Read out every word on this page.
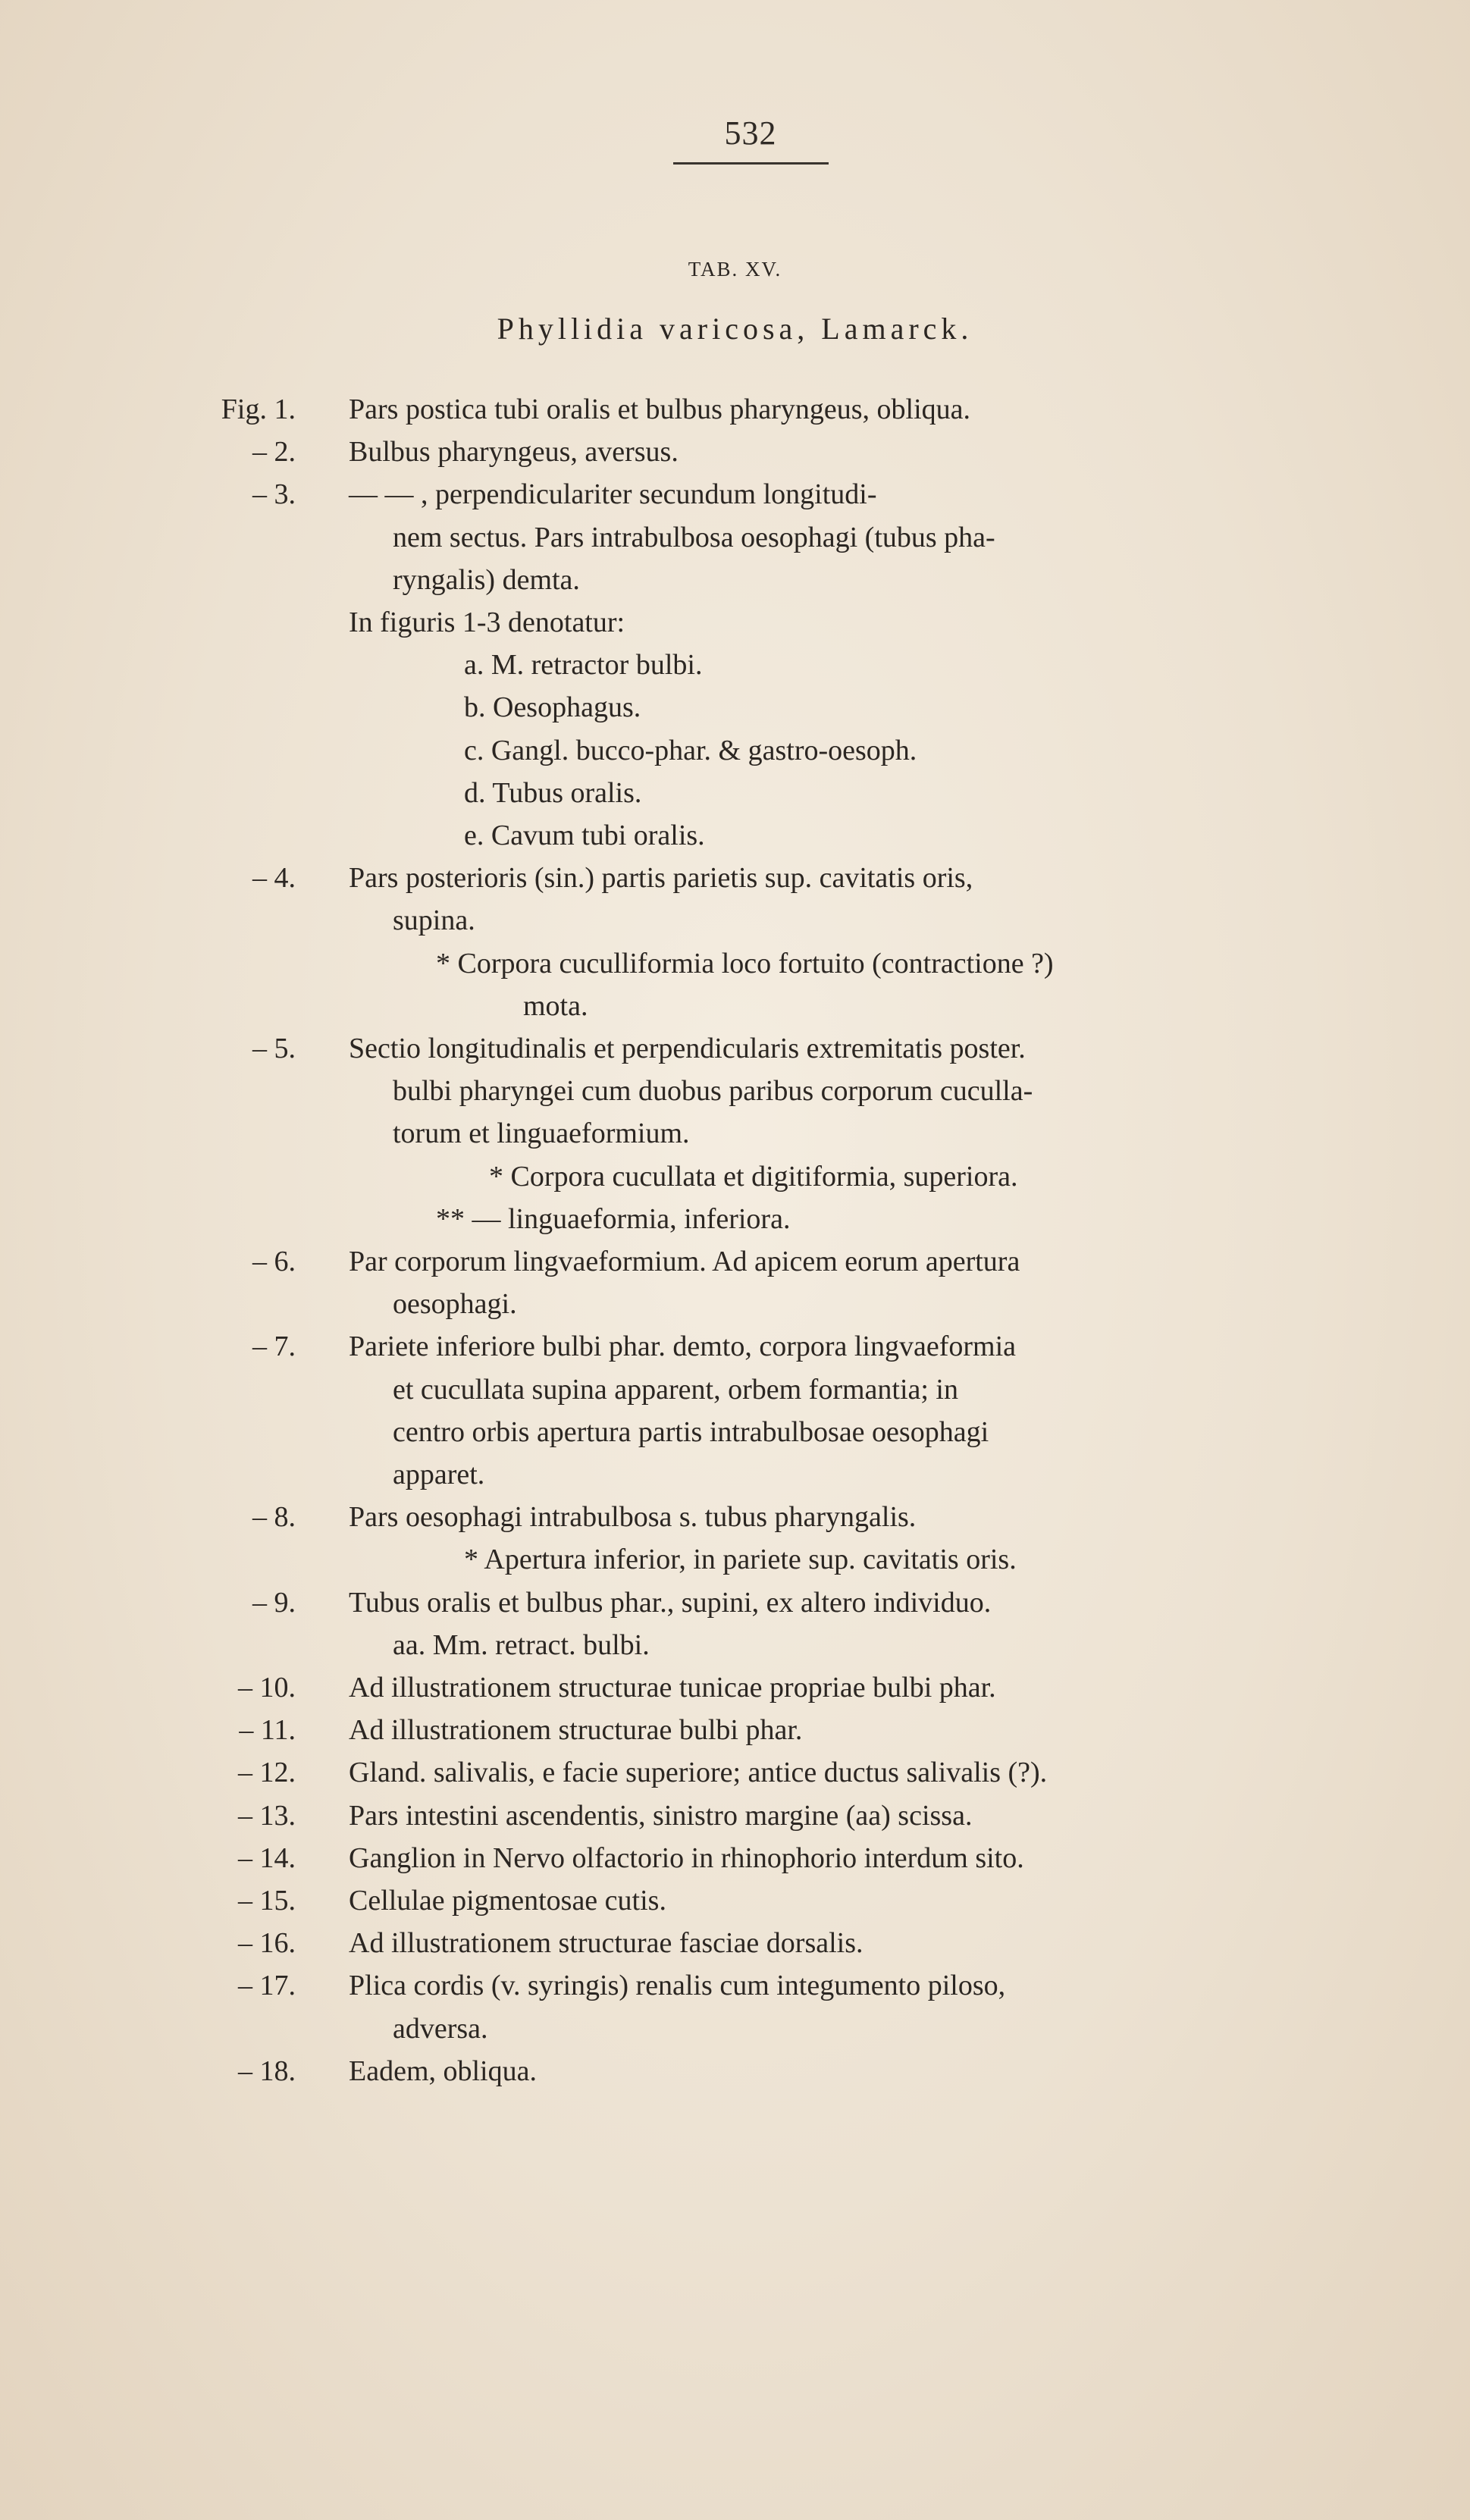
532
TAB. XV.
Phyllidia varicosa, Lamarck.
Fig. 1. Pars postica tubi oralis et bulbus pharyngeus, obliqua.
– 2. Bulbus pharyngeus, aversus.
– 3. — — , perpendiculariter secundum longitudi-
nem sectus. Pars intrabulbosa oesophagi (tubus pha-
ryngalis) demta.
In figuris 1-3 denotatur:
a. M. retractor bulbi.
b. Oesophagus.
c. Gangl. bucco-phar. & gastro-oesoph.
d. Tubus oralis.
e. Cavum tubi oralis.
– 4. Pars posterioris (sin.) partis parietis sup. cavitatis oris,
supina.
* Corpora cuculliformia loco fortuito (contractione ?)
mota.
– 5. Sectio longitudinalis et perpendicularis extremitatis poster.
bulbi pharyngei cum duobus paribus corporum cuculla-
torum et linguaeformium.
* Corpora cucullata et digitiformia, superiora.
** — linguaeformia, inferiora.
– 6. Par corporum lingvaeformium. Ad apicem eorum apertura
oesophagi.
– 7. Pariete inferiore bulbi phar. demto, corpora lingvaeformia
et cucullata supina apparent, orbem formantia; in
centro orbis apertura partis intrabulbosae oesophagi
apparet.
– 8. Pars oesophagi intrabulbosa s. tubus pharyngalis.
* Apertura inferior, in pariete sup. cavitatis oris.
– 9. Tubus oralis et bulbus phar., supini, ex altero individuo.
aa. Mm. retract. bulbi.
– 10. Ad illustrationem structurae tunicae propriae bulbi phar.
– 11. Ad illustrationem structurae bulbi phar.
– 12. Gland. salivalis, e facie superiore; antice ductus salivalis (?).
– 13. Pars intestini ascendentis, sinistro margine (aa) scissa.
– 14. Ganglion in Nervo olfactorio in rhinophorio interdum sito.
– 15. Cellulae pigmentosae cutis.
– 16. Ad illustrationem structurae fasciae dorsalis.
– 17. Plica cordis (v. syringis) renalis cum integumento piloso,
adversa.
– 18. Eadem, obliqua.
